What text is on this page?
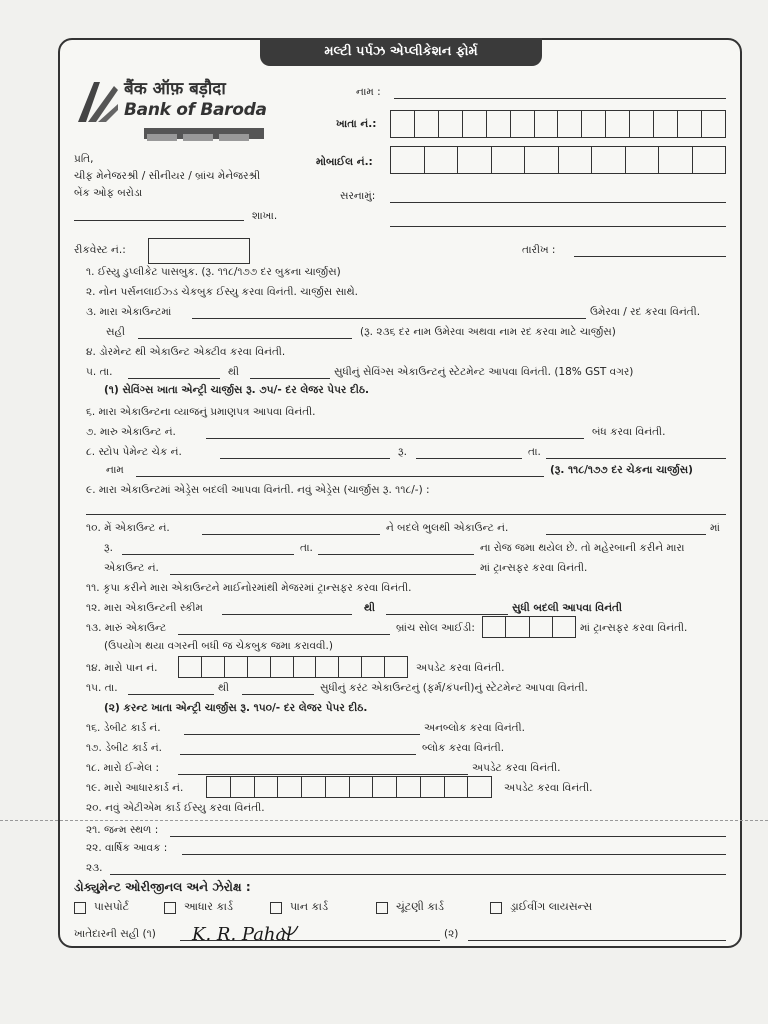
મલ્ટી પર્પઝ એપ્લીકેશન ફોર્મ
बैंक ऑफ़ बड़ौदा
Bank of Baroda
નામ :
ખાતા નં.:
પ્રતિ,
ચીફ મેનેજરશ્રી / સીનીયર / બ્રાંચ મેનેજરશ્રી
બેંક ઓફ બરોડા
મોબાઈલ નં.:
સરનામું:
શાખા.
રીકવેસ્ટ નં.:	તારીખ :
૧. ઈસ્યુ ડુપ્લીકેટ પાસબુક. (રૂ. ૧૧૮/૧૭૭ દર બુકના ચાર્જીસ)
૨. નોન પર્સનલાઈઝ્ડ ચેકબુક ઈસ્યુ કરવા વિનંતી. ચાર્જીસ સાથે.
૩. મારા એકાઉન્ટમાં	ઉમેરવા / રદ કરવા વિનંતી.
સહી	(રૂ. ૨૩૬ દર નામ ઉમેરવા અથવા નામ રદ કરવા માટે ચાર્જીસ)
૪. ડોરમેન્ટ થી એકાઉન્ટ એક્ટીવ કરવા વિનંતી.
૫. તા.	થી	સુધીનું સેવિંગ્સ એકાઉન્ટનું સ્ટેટમેન્ટ આપવા વિનંતી. (18% GST વગર)
(૧) સેવિંગ્સ ખાતા એન્ટ્રી ચાર્જીસ રૂ. ૭૫/- દર લેજર પેપર દીઠ.
૬. મારા એકાઉન્ટના વ્યાજનું પ્રમાણપત્ર આપવા વિનંતી.
૭. મારુ એકાઉન્ટ નં.	બંધ કરવા વિનંતી.
૮. સ્ટોપ પેમેન્ટ ચેક નં.	રૂ.	તા.
નામ	(રૂ. ૧૧૮/૧૭૭ દર ચેકના ચાર્જીસ)
૯. મારા એકાઉન્ટમાં એડ્રેસ બદલી આપવા વિનંતી. નવું એડ્રેસ (ચાર્જીસ રૂ. ૧૧૮/-) :
૧૦. મેં એકાઉન્ટ નં.	ને બદલે ભુલથી એકાઉન્ટ નં.	માં
રૂ.	તા.	ના રોજ જમા થયેલ છે. તો મહેરબાની કરીને મારા
એકાઉન્ટ નં.	માં ટ્રાન્સફર કરવા વિનંતી.
૧૧. કૃપા કરીને મારા એકાઉન્ટને માઈનોરમાંથી મેજરમાં ટ્રાન્સફર કરવા વિનંતી.
૧૨. મારા એકાઉન્ટની સ્કીમ	થી	સુધી બદલી આપવા વિનંતી
૧૩. મારું એકાઉન્ટ	બ્રાંચ સોલ આઈડી:	માં ટ્રાન્સફર કરવા વિનંતી.
(ઉપયોગ થયા વગરની બધી જ ચેકબુક જમા કરાવવી.)
૧૪. મારો પાન નં.	અપડેટ કરવા વિનંતી.
૧૫. તા.	થી	સુધીનું કરંટ એકાઉન્ટનું (ફર્મ/કંપની)નું સ્ટેટમેન્ટ આપવા વિનંતી.
(૨) કરન્ટ ખાતા એન્ટ્રી ચાર્જીસ રૂ. ૧૫૦/- દર લેજર પેપર દીઠ.
૧૬. ડેબીટ કાર્ડ નં.	અનબ્લોક કરવા વિનંતી.
૧૭. ડેબીટ કાર્ડ નં.	બ્લોક કરવા વિનંતી.
૧૮. મારો ઈ-મેલ :	અપડેટ કરવા વિનંતી.
૧૯. મારો આધારકાર્ડ નં.	અપડેટ કરવા વિનંતી.
૨૦. નવું એટીએમ કાર્ડ ઈસ્યુ કરવા વિનંતી.
૨૧. જન્મ સ્થળ :
૨૨. વાર્ષિક આવક :
૨૩.
ડોક્યુમેન્ટ ઓરીજીનલ અને ઝેરોક્ષ :
પાસપોર્ટ	આધાર કાર્ડ	પાન કાર્ડ	ચૂંટણી કાર્ડ	ડ્રાઈવીંગ લાયસન્સ
ખાતેદારની સહી (૧) K. R. Pahal	(૨)
